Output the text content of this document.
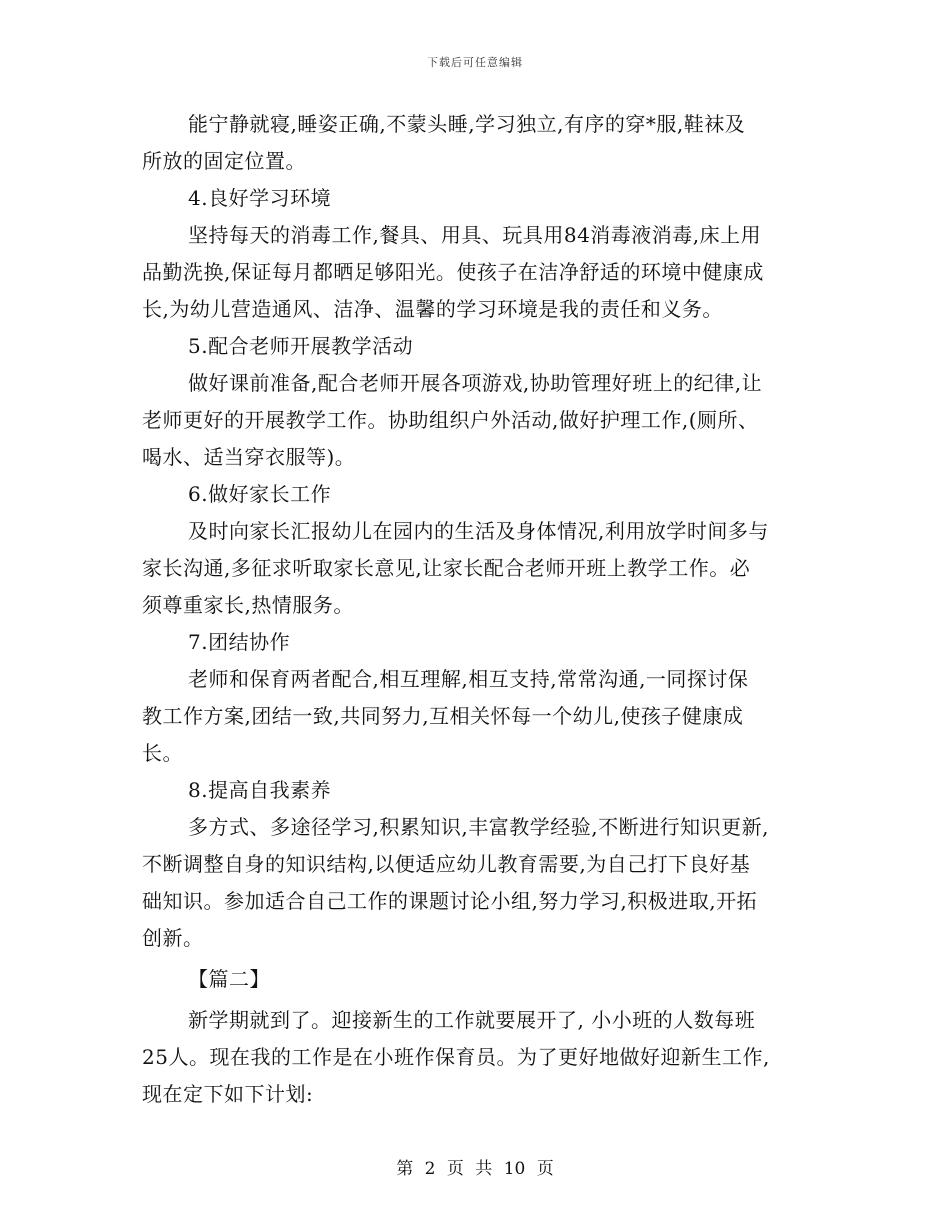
下载后可任意编辑

能宁静就寝,睡姿正确,不蒙头睡,学习独立,有序的穿*服,鞋袜及

所放的固定位置。

4.良好学习环境

坚持每天的消毒工作,餐具、用具、玩具用84消毒液消毒,床上用

品勤洗换,保证每月都晒足够阳光。使孩子在洁净舒适的环境中健康成

长,为幼儿营造通风、洁净、温馨的学习环境是我的责任和义务。

5.配合老师开展教学活动

做好课前准备,配合老师开展各项游戏,协助管理好班上的纪律,让

老师更好的开展教学工作。协助组织户外活动,做好护理工作,(厕所、

喝水、适当穿衣服等)。

6.做好家长工作

及时向家长汇报幼儿在园内的生活及身体情况,利用放学时间多与

家长沟通,多征求听取家长意见,让家长配合老师开班上教学工作。必

须尊重家长,热情服务。

7.团结协作

老师和保育两者配合,相互理解,相互支持,常常沟通,一同探讨保

教工作方案,团结一致,共同努力,互相关怀每一个幼儿,使孩子健康成

长。

8.提高自我素养

多方式、多途径学习,积累知识,丰富教学经验,不断进行知识更新,

不断调整自身的知识结构,以便适应幼儿教育需要,为自己打下良好基

础知识。参加适合自己工作的课题讨论小组,努力学习,积极进取,开拓

创新。

【篇二】

新学期就到了。迎接新生的工作就要展开了, 小小班的人数每班

25人。现在我的工作是在小班作保育员。为了更好地做好迎新生工作,

现在定下如下计划:

第 2 页 共 10 页
